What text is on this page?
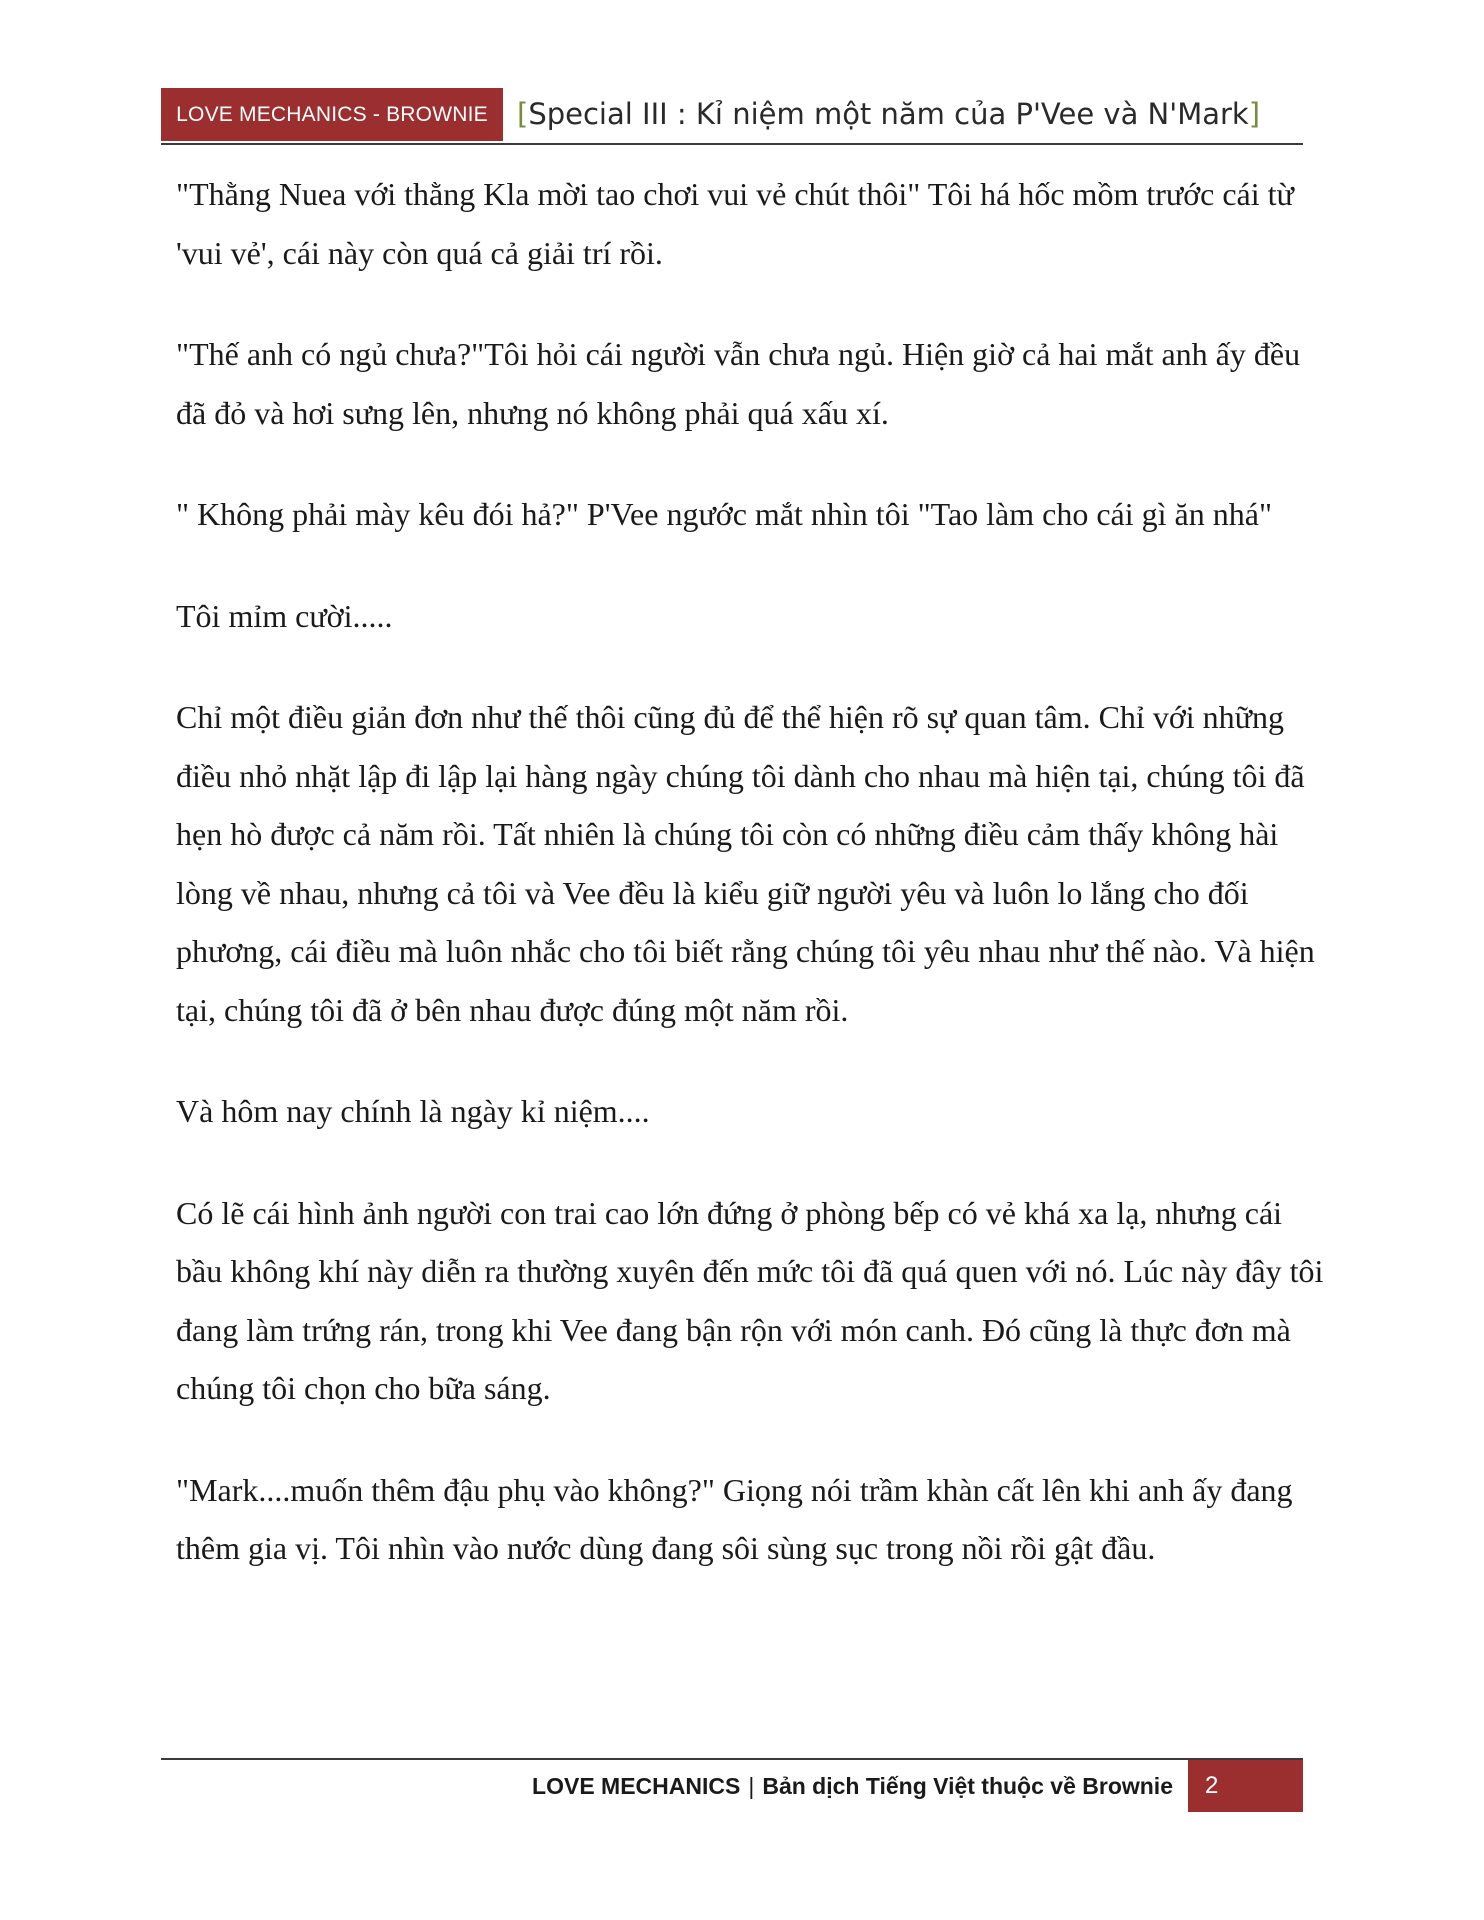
LOVE MECHANICS - BROWNIE	[Special III : Kỉ niệm một năm của P'Vee và N'Mark]

"Thằng Nuea với thằng Kla mời tao chơi vui vẻ chút thôi" Tôi há hốc mồm trước cái từ 'vui vẻ', cái này còn quá cả giải trí rồi.

"Thế anh có ngủ chưa?"Tôi hỏi cái người vẫn chưa ngủ. Hiện giờ cả hai mắt anh ấy đều đã đỏ và hơi sưng lên, nhưng nó không phải quá xấu xí.

" Không phải mày kêu đói hả?" P'Vee ngước mắt nhìn tôi "Tao làm cho cái gì ăn nhá"

Tôi mỉm cười.....

Chỉ một điều giản đơn như thế thôi cũng đủ để thể hiện rõ sự quan tâm. Chỉ với những điều nhỏ nhặt lập đi lập lại hàng ngày chúng tôi dành cho nhau mà hiện tại, chúng tôi đã hẹn hò được cả năm rồi. Tất nhiên là chúng tôi còn có những điều cảm thấy không hài lòng về nhau, nhưng cả tôi và Vee đều là kiểu giữ người yêu và luôn lo lắng cho đối phương, cái điều mà luôn nhắc cho tôi biết rằng chúng tôi yêu nhau như thế nào. Và hiện tại, chúng tôi đã ở bên nhau được đúng một năm rồi.

Và hôm nay chính là ngày kỉ niệm....

Có lẽ cái hình ảnh người con trai cao lớn đứng ở phòng bếp có vẻ khá xa lạ, nhưng cái bầu không khí này diễn ra thường xuyên đến mức tôi đã quá quen với nó. Lúc này đây tôi đang làm trứng rán, trong khi Vee đang bận rộn với món canh. Đó cũng là thực đơn mà chúng tôi chọn cho bữa sáng.

"Mark....muốn thêm đậu phụ vào không?" Giọng nói trầm khàn cất lên khi anh ấy đang thêm gia vị. Tôi nhìn vào nước dùng đang sôi sùng sục trong nồi rồi gật đầu.

LOVE MECHANICS | Bản dịch Tiếng Việt thuộc về Brownie	2
